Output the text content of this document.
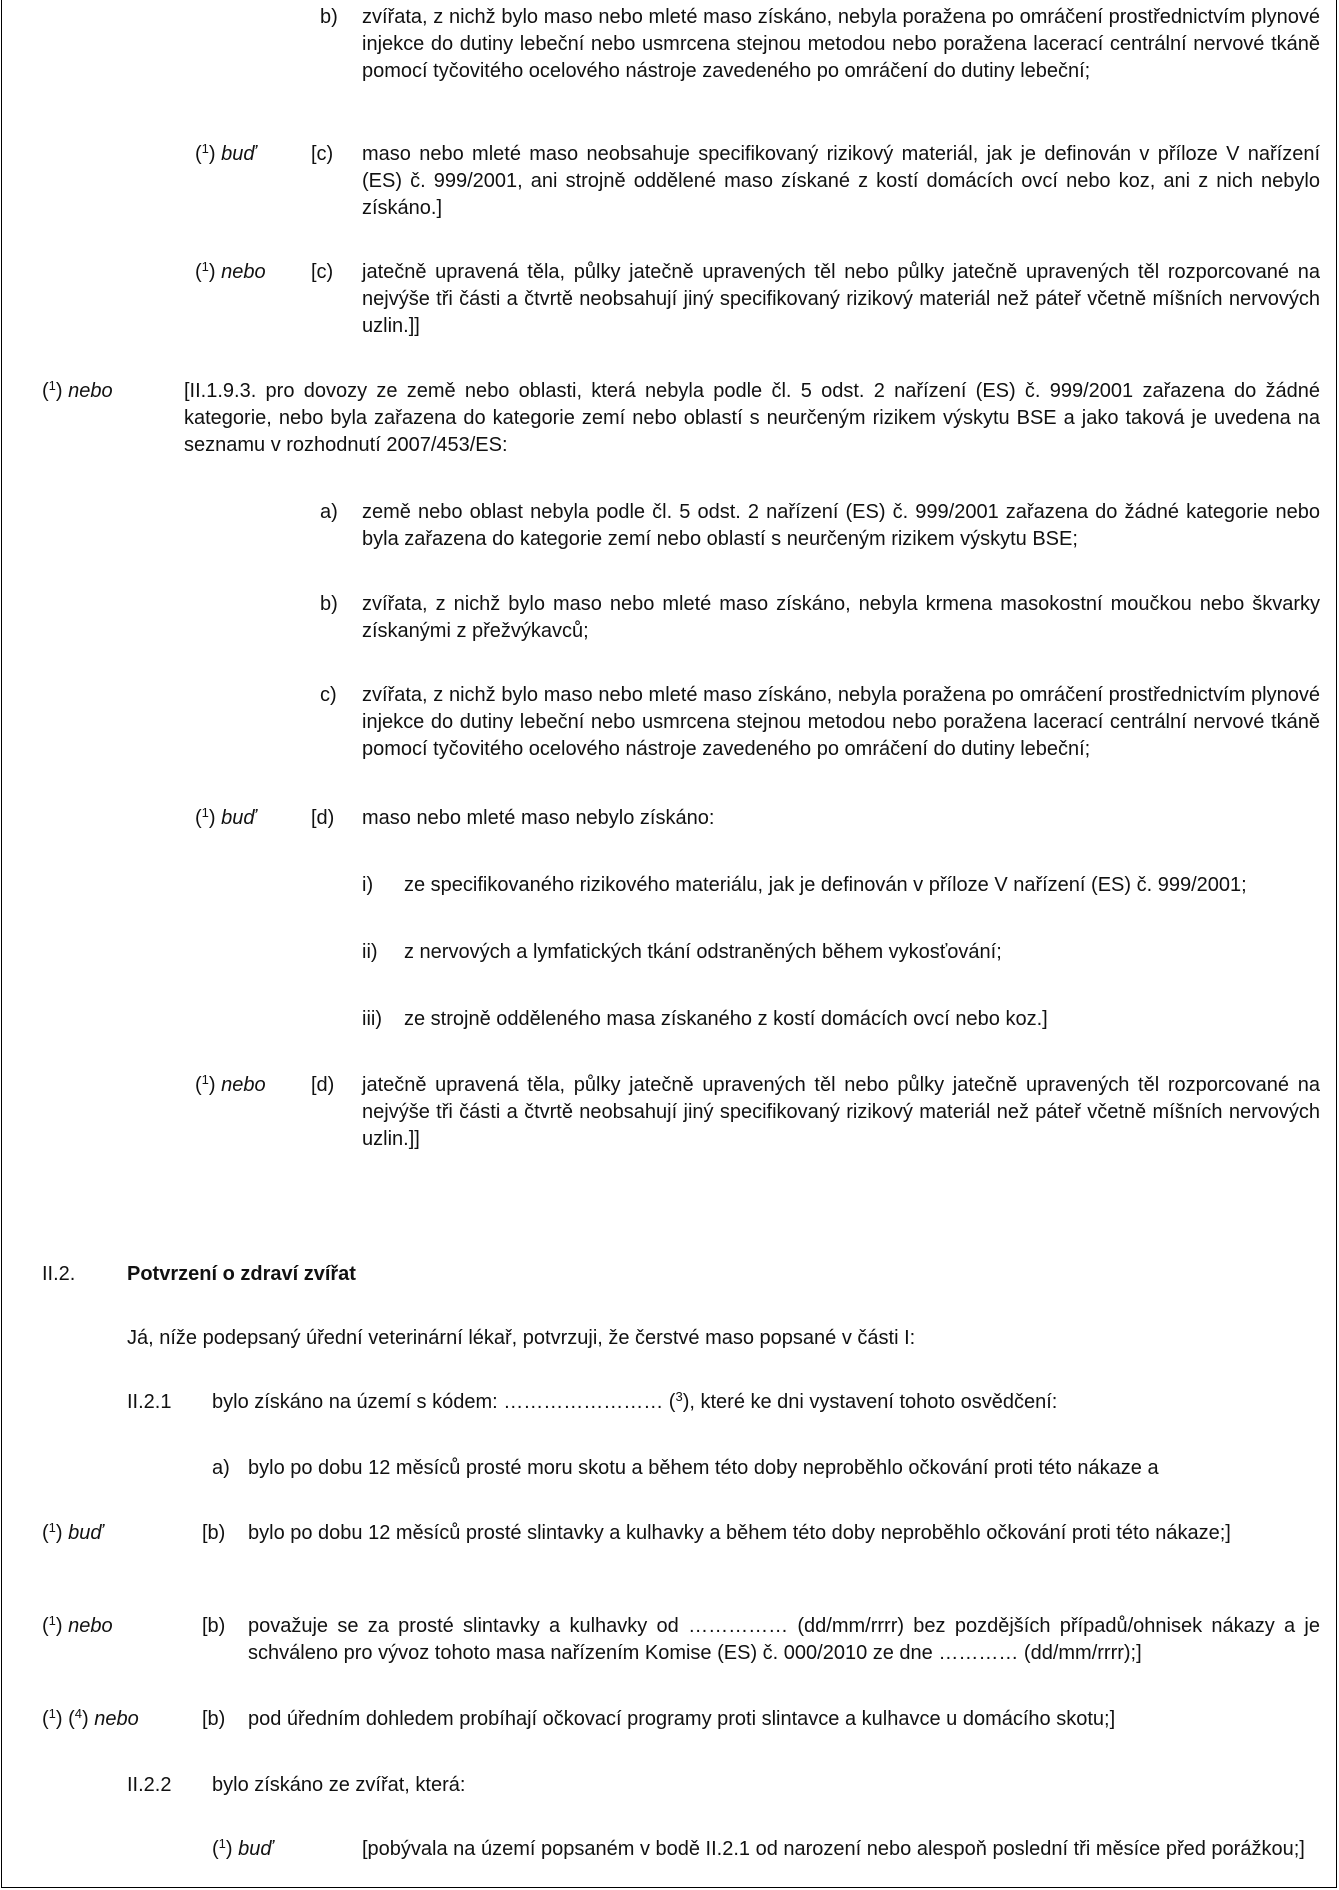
b) zvířata, z nichž bylo maso nebo mleté maso získáno, nebyla poražena po omráčení prostřednictvím plynové injekce do dutiny lebeční nebo usmrcena stejnou metodou nebo poražena lacerací centrální nervové tkáně pomocí tyčovitého ocelového nástroje zavedeného po omráčení do dutiny lebeční;
($^1$) buď	[c) maso nebo mleté maso neobsahuje specifikovaný rizikový materiál, jak je definován v příloze V nařízení (ES) č. 999/2001, ani strojně oddělené maso získané z kostí domácích ovcí nebo koz, ani z nich nebylo získáno.]
($^1$) nebo [c) jatečně upravená těla, půlky jatečně upravených těl nebo půlky jatečně upravených těl rozporcované na nejvýše tři části a čtvrtě neobsahují jiný specifikovaný rizikový materiál než páteř včetně míšních nervových uzlin.]]
($^1$) nebo	[II.1.9.3. pro dovozy ze země nebo oblasti, která nebyla podle čl. 5 odst. 2 nařízení (ES) č. 999/2001 zařazena do žádné kategorie, nebo byla zařazena do kategorie zemí nebo oblastí s neurčeným rizikem výskytu BSE a jako taková je uvedena na seznamu v rozhodnutí 2007/453/ES:
a) země nebo oblast nebyla podle čl. 5 odst. 2 nařízení (ES) č. 999/2001 zařazena do žádné kategorie nebo byla zařazena do kategorie zemí nebo oblastí s neurčeným rizikem výskytu BSE;
b) zvířata, z nichž bylo maso nebo mleté maso získáno, nebyla krmena masokostní moučkou nebo škvarky získanými z přežvýkavců;
c) zvířata, z nichž bylo maso nebo mleté maso získáno, nebyla poražena po omráčení prostřednictvím plynové injekce do dutiny lebeční nebo usmrcena stejnou metodou nebo poražena lacerací centrální nervové tkáně pomocí tyčovitého ocelového nástroje zavedeného po omráčení do dutiny lebeční;
($^1$) buď	[d) maso nebo mleté maso nebylo získáno:
i) ze specifikovaného rizikového materiálu, jak je definován v příloze V nařízení (ES) č. 999/2001;
ii) z nervových a lymfatických tkání odstraněných během vykosťování;
iii) ze strojně odděleného masa získaného z kostí domácích ovcí nebo koz.]
($^1$) nebo [d) jatečně upravená těla, půlky jatečně upravených těl nebo půlky jatečně upravených těl rozporcované na nejvýše tři části a čtvrtě neobsahují jiný specifikovaný rizikový materiál než páteř včetně míšních nervových uzlin.]]
II.2.	Potvrzení o zdraví zvířat
Já, níže podepsaný úřední veterinární lékař, potvrzuji, že čerstvé maso popsané v části I:
II.2.1 bylo získáno na území s kódem: …………………… ($^3$), které ke dni vystavení tohoto osvědčení:
a) bylo po dobu 12 měsíců prosté moru skotu a během této doby neproběhlo očkování proti této nákaze a
($^1$) buď	[b) bylo po dobu 12 měsíců prosté slintavky a kulhavky a během této doby neproběhlo očkování proti této nákaze;]
($^1$) nebo	[b) považuje se za prosté slintavky a kulhavky od …………… (dd/mm/rrrr) bez pozdějších případů/ohnisek nákazy a je schváleno pro vývoz tohoto masa nařízením Komise (ES) č. 000/2010 ze dne ………… (dd/mm/rrrr);]
($^1$) ($^4$) nebo	[b) pod úředním dohledem probíhají očkovací programy proti slintavce a kulhavce u domácího skotu;]
II.2.2 bylo získáno ze zvířat, která:
($^1$) buď	[pobývala na území popsaném v bodě II.2.1 od narození nebo alespoň poslední tři měsíce před porážkou;]
